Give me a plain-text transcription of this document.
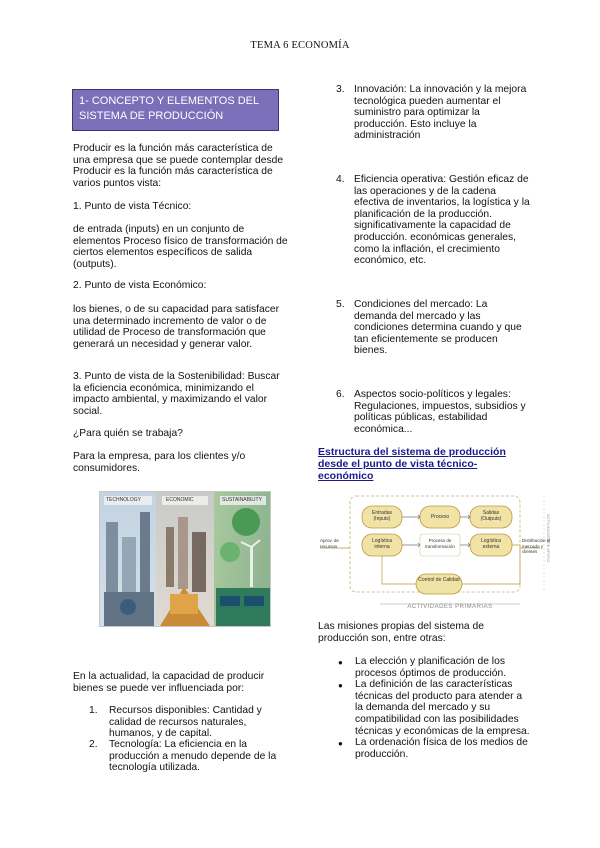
TEMA 6 ECONOMÍA
1- CONCEPTO Y ELEMENTOS DEL SISTEMA DE PRODUCCIÓN
Producir es la función más característica de una empresa que se puede contemplar desde Producir es la función más característica de varios puntos vista:
1. Punto de vista Técnico:
de entrada (inputs) en un conjunto de elementos Proceso físico de transformación de ciertos elementos específicos de salida (outputs).
2. Punto de vista Económico:
los bienes, o de su capacidad para satisfacer una determinado incremento de valor o de utilidad de Proceso de transformación que generará un necesidad y generar valor.
3. Punto de vista de la Sostenibilidad: Buscar la eficiencia económica, minimizando el impacto ambiental, y maximizando el valor social.
¿Para quién se trabaja?
Para la empresa, para los clientes y/o consumidores.
TECHNOLOGY	ECONOMIC	SUSTAINABILITY
En la actualidad, la capacidad de producir bienes se puede ver influenciada por:
1. Recursos disponibles: Cantidad y calidad de recursos naturales, humanos, y de capital.
2. Tecnología: La eficiencia en la producción a menudo depende de la tecnología utilizada.
3. Innovación: La innovación y la mejora tecnológica pueden aumentar el suministro para optimizar la producción. Esto incluye la administración
4. Eficiencia operativa: Gestión eficaz de las operaciones y de la cadena efectiva de inventarios, la logística y la planificación de la producción. significativamente la capacidad de producción. económicas generales, como la inflación, el crecimiento económico, etc.
5. Condiciones del mercado: La demanda del mercado y las condiciones determina cuando y que tan eficientemente se producen bienes.
6. Aspectos socio-políticos y legales: Regulaciones, impuestos, subsidios y políticas públicas, estabilidad económica...
Estructura del sistema de producción desde el punto de vista técnico-económico
Entradas (Inputs)	Proceso
Salidas (Outputs)
Logística interna
Proceso de transformación
Logística externa
Control de Calidad
Aprov. de recursos
Distribución al mercado y clientes
ACTIVIDADES PRIMARIAS
ACTIVIDADES DE APOYO
Las misiones propias del sistema de producción son, entre otras:
● La elección y planificación de los procesos óptimos de producción.
● La definición de las características técnicas del producto para atender a la demanda del mercado y su compatibilidad con las posibilidades técnicas y económicas de la empresa.
● La ordenación física de los medios de producción.
